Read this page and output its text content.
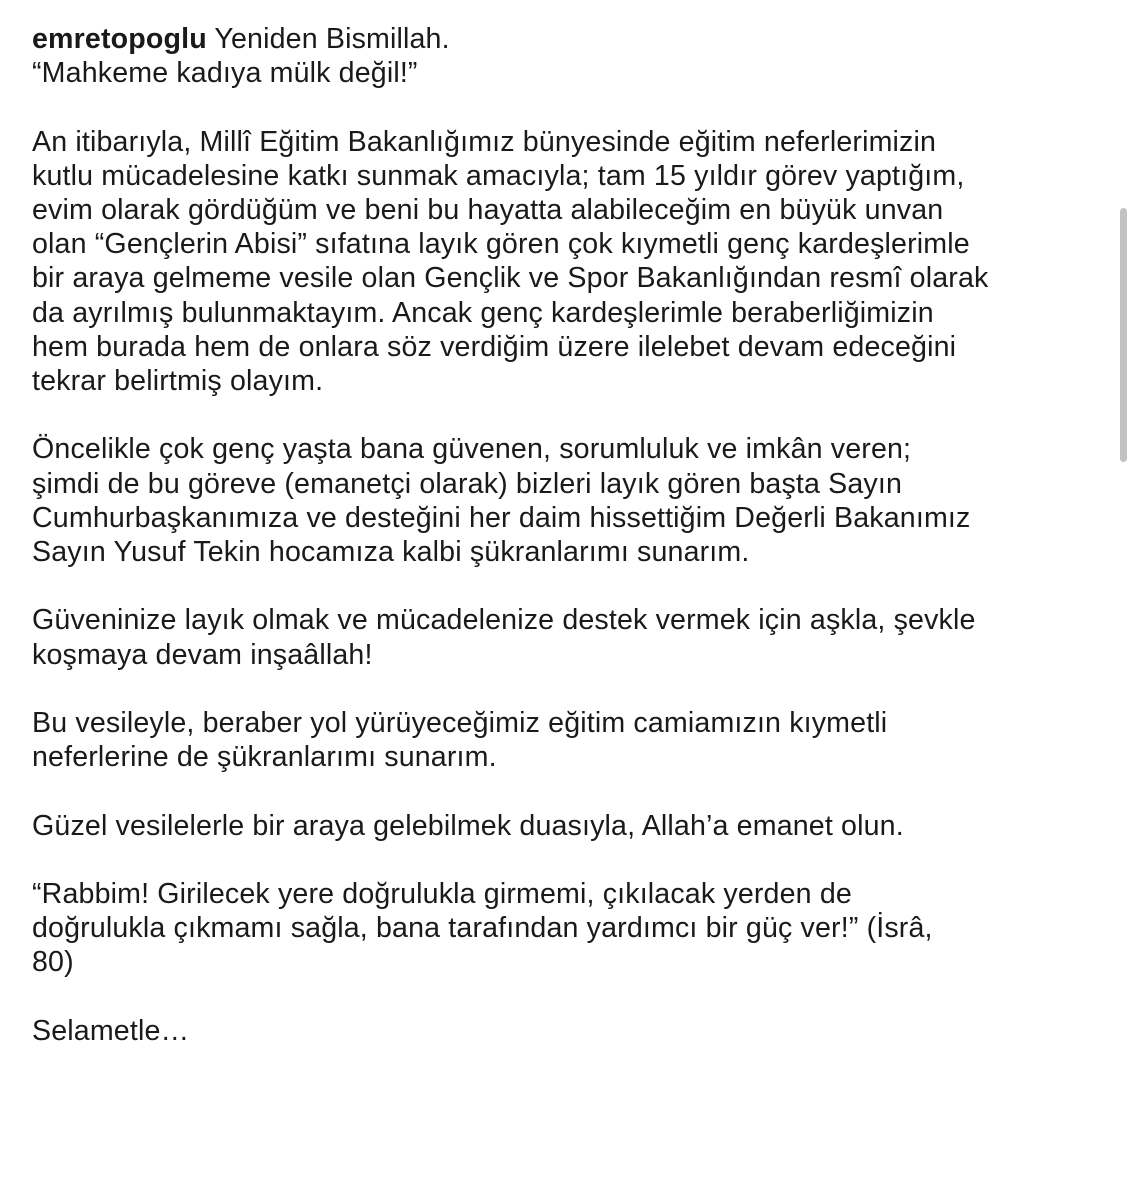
emretopoglu Yeniden Bismillah.

“Mahkeme kadıya mülk değil!”

An itibarıyla, Millî Eğitim Bakanlığımız bünyesinde eğitim neferlerimizin
kutlu mücadelesine katkı sunmak amacıyla; tam 15 yıldır görev yaptığım,
evim olarak gördüğüm ve beni bu hayatta alabileceğim en büyük unvan
olan “Gençlerin Abisi” sıfatına layık gören çok kıymetli genç kardeşlerimle
bir araya gelmeme vesile olan Gençlik ve Spor Bakanlığından resmî olarak
da ayrılmış bulunmaktayım. Ancak genç kardeşlerimle beraberliğimizin
hem burada hem de onlara söz verdiğim üzere ilelebet devam edeceğini
tekrar belirtmiş olayım.

Öncelikle çok genç yaşta bana güvenen, sorumluluk ve imkân veren;
şimdi de bu göreve (emanetçi olarak) bizleri layık gören başta Sayın
Cumhurbaşkanımıza ve desteğini her daim hissettiğim Değerli Bakanımız
Sayın Yusuf Tekin hocamıza kalbi şükranlarımı sunarım.

Güveninize layık olmak ve mücadelenize destek vermek için aşkla, şevkle
koşmaya devam inşaâllah!

Bu vesileyle, beraber yol yürüyeceğimiz eğitim camiamızın kıymetli
neferlerine de şükranlarımı sunarım.

Güzel vesilelerle bir araya gelebilmek duasıyla, Allah’a emanet olun.

“Rabbim! Girilecek yere doğrulukla girmemi, çıkılacak yerden de
doğrulukla çıkmamı sağla, bana tarafından yardımcı bir güç ver!” (İsrâ,
80)

Selametle…
